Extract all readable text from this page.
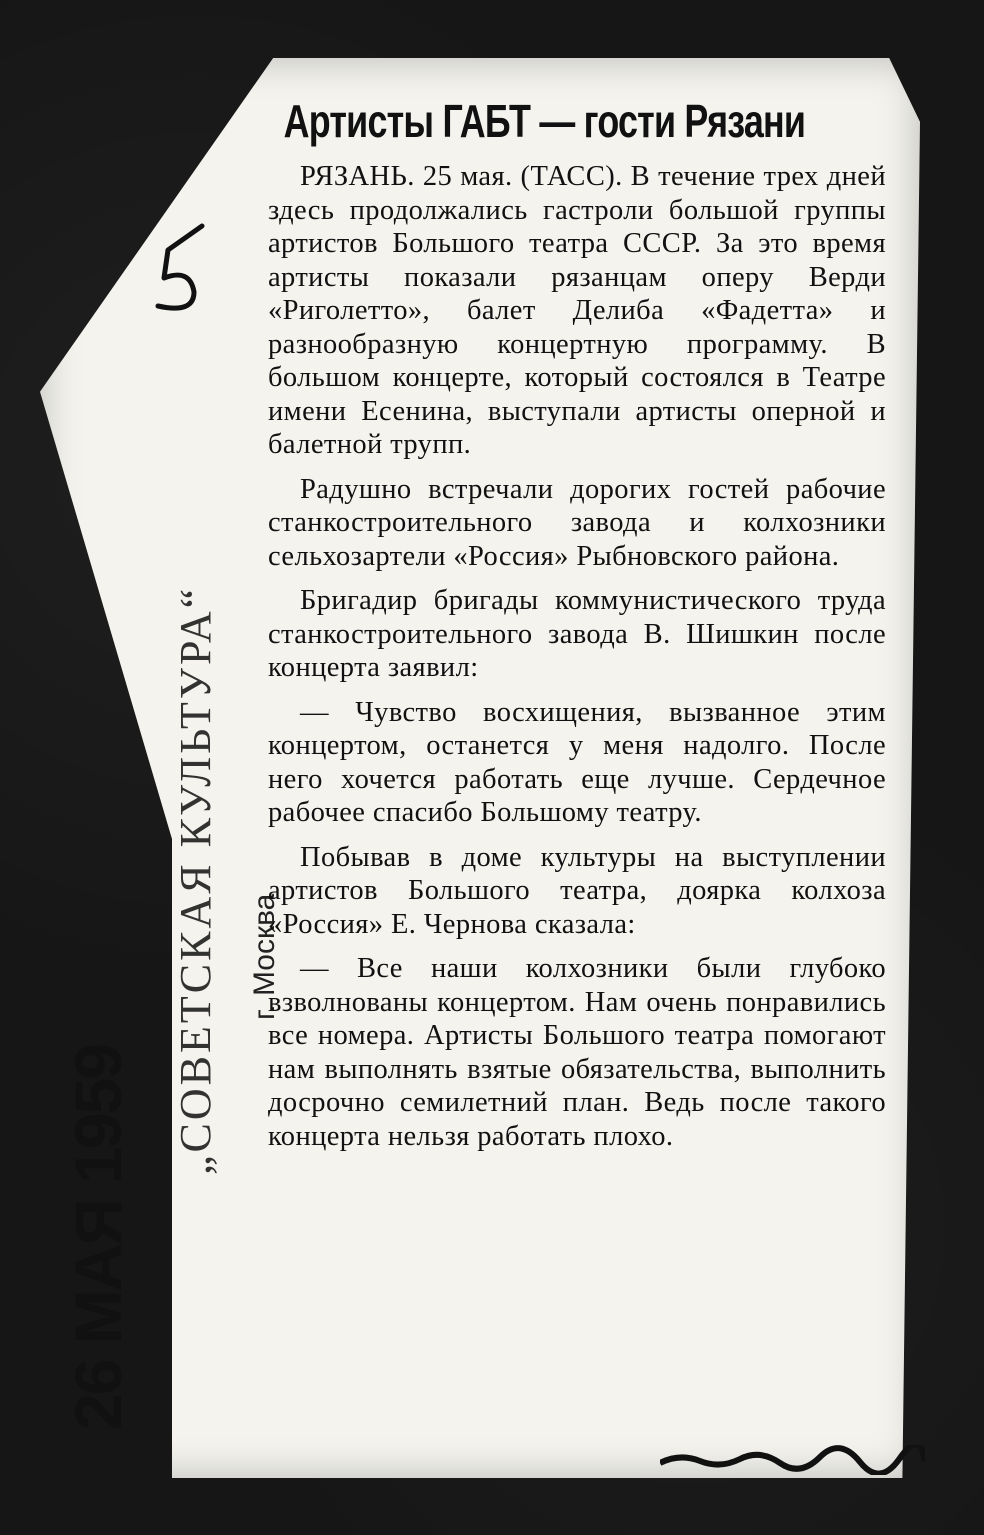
26 МАЯ 1959
„СОВЕТСКАЯ КУЛЬТУРА“ г. Москва
Артисты ГАБТ — гости Рязани

РЯЗАНЬ. 25 мая. (ТАСС). В течение трех дней здесь продолжались гастроли большой группы артистов Большого театра СССР. За это время артисты показали рязанцам оперу Верди «Риголетто», балет Делиба «Фадетта» и разнообразную концертную программу. В большом концерте, который состоялся в Театре имени Есенина, выступали артисты оперной и балетной трупп.

Радушно встречали дорогих гостей рабочие станкостроительного завода и колхозники сельхозартели «Россия» Рыбновского района.

Бригадир бригады коммунистического труда станкостроительного завода В. Шишкин после концерта заявил:

— Чувство восхищения, вызванное этим концертом, останется у меня надолго. После него хочется работать еще лучше. Сердечное рабочее спасибо Большому театру.

Побывав в доме культуры на выступлении артистов Большого театра, доярка колхоза «Россия» Е. Чернова сказала:

— Все наши колхозники были глубоко взволнованы концертом. Нам очень понравились все номера. Артисты Большого театра помогают нам выполнять взятые обязательства, выполнить досрочно семилетний план. Ведь после такого концерта нельзя работать плохо.
